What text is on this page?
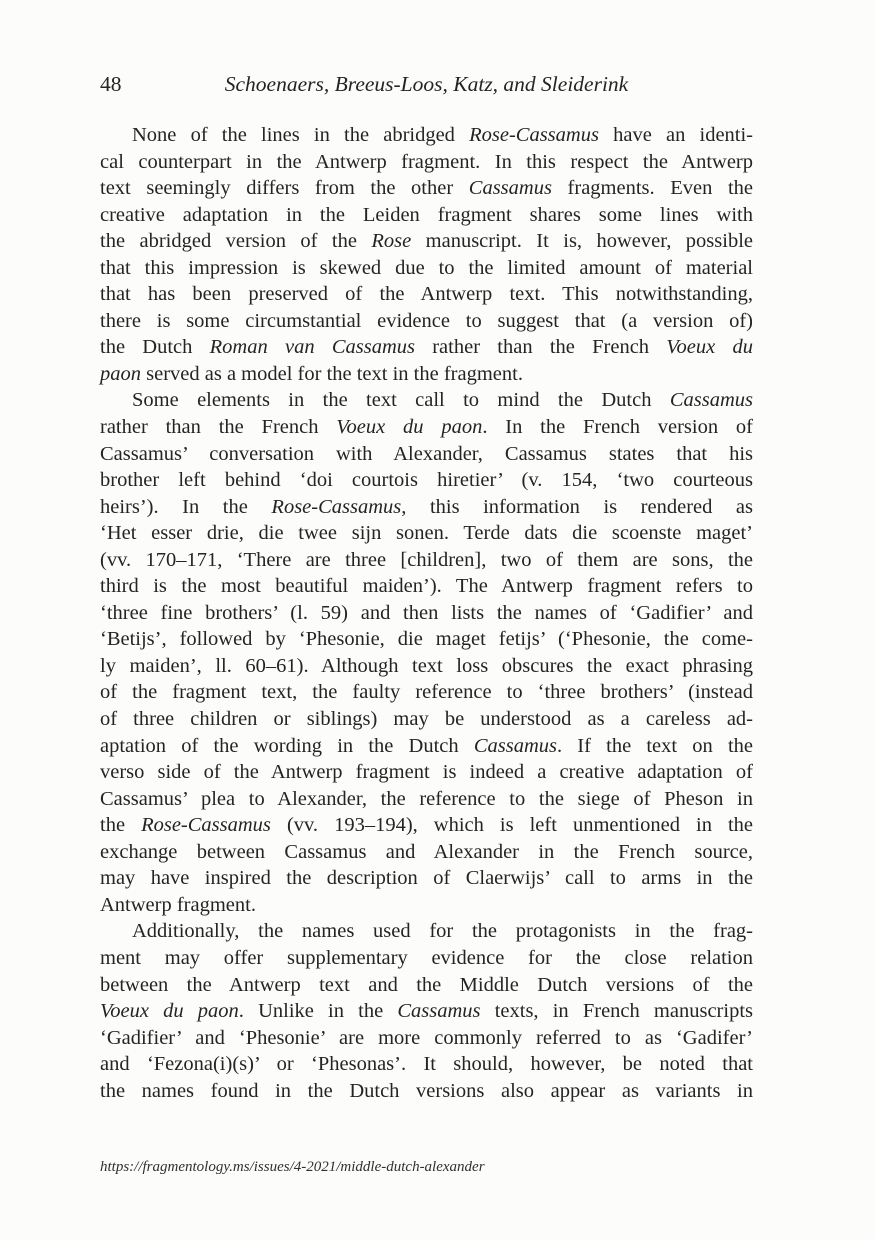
48	Schoenaers, Breeus-Loos, Katz, and Sleiderink
None of the lines in the abridged Rose-Cassamus have an identi-
cal counterpart in the Antwerp fragment. In this respect the Antwerp
text seemingly differs from the other Cassamus fragments. Even the
creative adaptation in the Leiden fragment shares some lines with
the abridged version of the Rose manuscript. It is, however, possible
that this impression is skewed due to the limited amount of material
that has been preserved of the Antwerp text. This notwithstanding,
there is some circumstantial evidence to suggest that (a version of)
the Dutch Roman van Cassamus rather than the French Voeux du
paon served as a model for the text in the fragment.
Some elements in the text call to mind the Dutch Cassamus
rather than the French Voeux du paon. In the French version of
Cassamus’ conversation with Alexander, Cassamus states that his
brother left behind ‘doi courtois hiretier’ (v. 154, ‘two courteous
heirs’). In the Rose-Cassamus, this information is rendered as
‘Het esser drie, die twee sijn sonen. Terde dats die scoenste maget’
(vv. 170–171, ‘There are three [children], two of them are sons, the
third is the most beautiful maiden’). The Antwerp fragment refers to
‘three fine brothers’ (l. 59) and then lists the names of ‘Gadifier’ and
‘Betijs’, followed by ‘Phesonie, die maget fetijs’ (‘Phesonie, the come-
ly maiden’, ll. 60–61). Although text loss obscures the exact phrasing
of the fragment text, the faulty reference to ‘three brothers’ (instead
of three children or siblings) may be understood as a careless ad-
aptation of the wording in the Dutch Cassamus. If the text on the
verso side of the Antwerp fragment is indeed a creative adaptation of
Cassamus’ plea to Alexander, the reference to the siege of Pheson in
the Rose-Cassamus (vv. 193–194), which is left unmentioned in the
exchange between Cassamus and Alexander in the French source,
may have inspired the description of Claerwijs’ call to arms in the
Antwerp fragment.
Additionally, the names used for the protagonists in the frag-
ment may offer supplementary evidence for the close relation
between the Antwerp text and the Middle Dutch versions of the
Voeux du paon. Unlike in the Cassamus texts, in French manuscripts
‘Gadifier’ and ‘Phesonie’ are more commonly referred to as ‘Gadifer’
and ‘Fezona(i)(s)’ or ‘Phesonas’. It should, however, be noted that
the names found in the Dutch versions also appear as variants in
https://fragmentology.ms/issues/4-2021/middle-dutch-alexander
